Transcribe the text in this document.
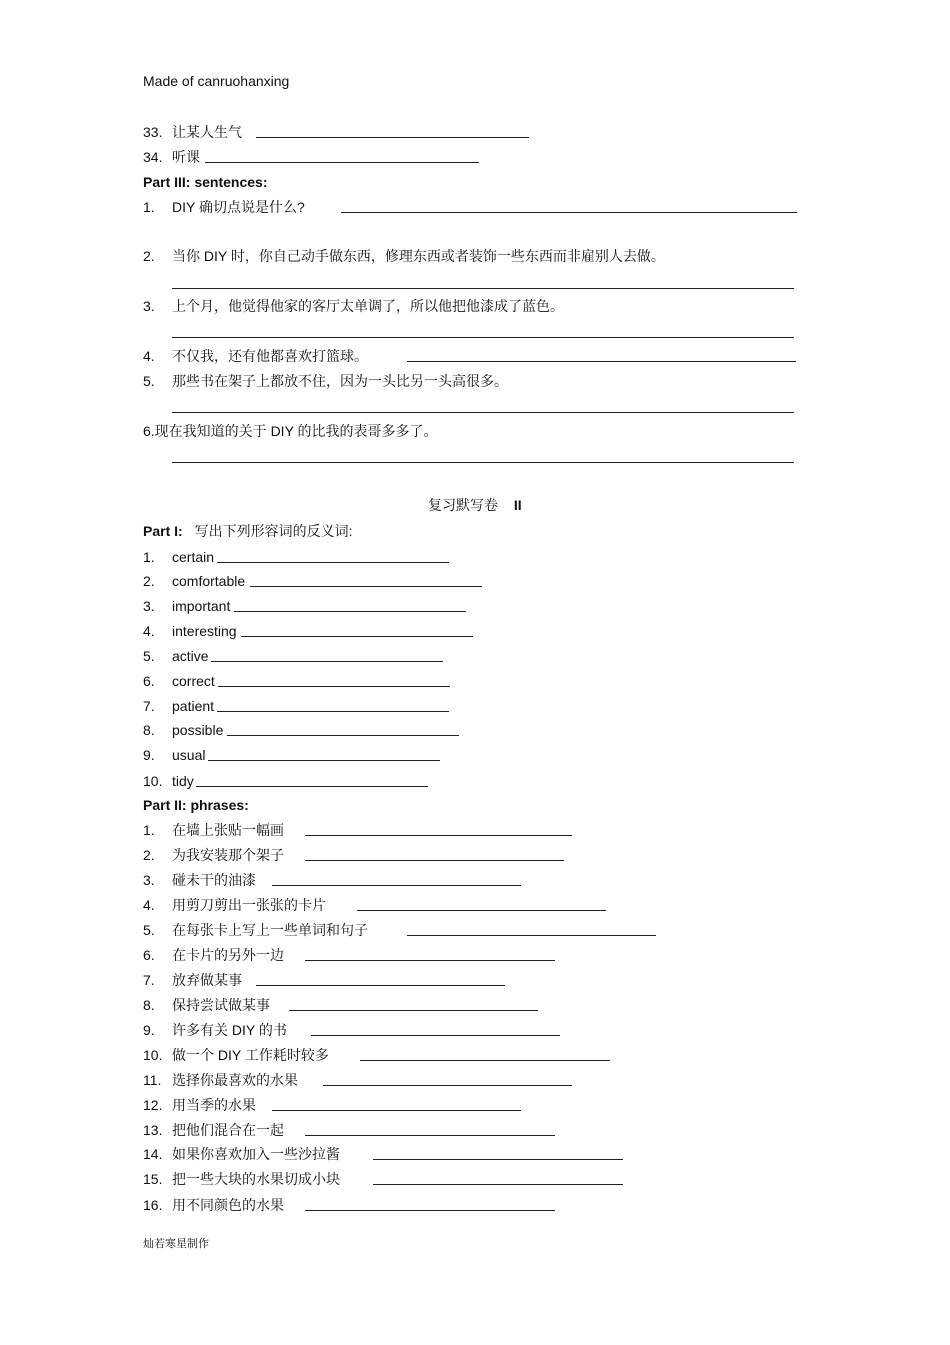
Made of canruohanxing
33. 让某人生气
34. 听课
Part III: sentences:
1. DIY 确切点说是什么?
2. 当你 DIY 时，你自己动手做东西，修理东西或者装饰一些东西而非雇别人去做。
3. 上个月，他觉得他家的客厅太单调了，所以他把他漆成了蓝色。
4. 不仅我，还有他都喜欢打篮球。
5. 那些书在架子上都放不住，因为一头比另一头高很多。
6.现在我知道的关于 DIY 的比我的表哥多多了。
复习默写卷 II
Part I: 写出下列形容词的反义词:
1. certain
2. comfortable
3. important
4. interesting
5. active
6. correct
7. patient
8. possible
9. usual
10. tidy
Part II: phrases:
1. 在墙上张贴一幅画
2. 为我安装那个架子
3. 碰未干的油漆
4. 用剪刀剪出一张张的卡片
5. 在每张卡上写上一些单词和句子
6. 在卡片的另外一边
7. 放弃做某事
8. 保持尝试做某事
9. 许多有关 DIY 的书
10. 做一个 DIY 工作耗时较多
11. 选择你最喜欢的水果
12. 用当季的水果
13. 把他们混合在一起
14. 如果你喜欢加入一些沙拉酱
15. 把一些大块的水果切成小块
16. 用不同颜色的水果
灿若寒星制作
